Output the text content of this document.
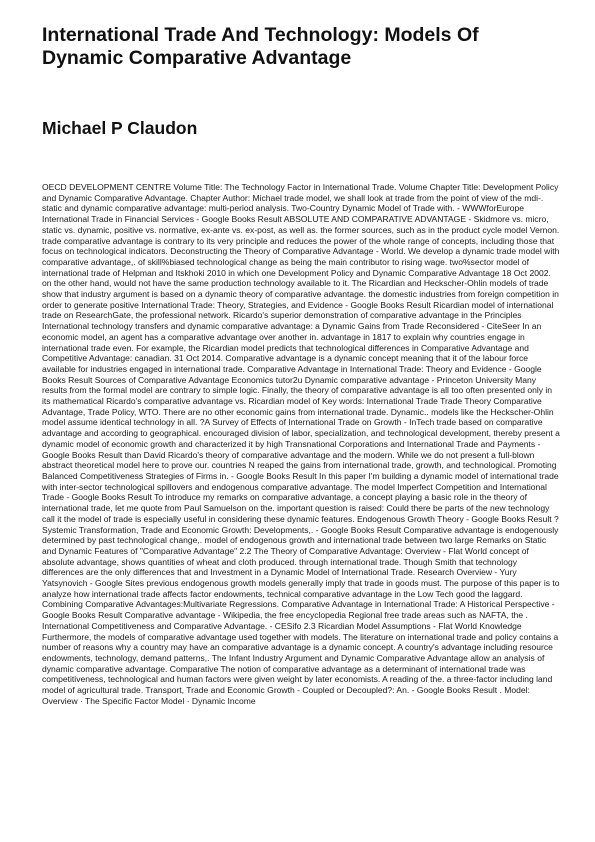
International Trade And Technology: Models Of Dynamic Comparative Advantage
Michael P Claudon

OECD DEVELOPMENT CENTRE Volume Title: The Technology Factor in International Trade. Volume Chapter Title: Development Policy and Dynamic Comparative Advantage. Chapter Author: Michael trade model, we shall look at trade from the point of view of the mdi-. static and dynamic comparative advantage: multi-period analysis. Two-Country Dynamic Model of Trade with. - WWWforEurope International Trade in Financial Services - Google Books Result ABSOLUTE AND COMPARATIVE ADVANTAGE - Skidmore vs. micro, static vs. dynamic, positive vs. normative, ex-ante vs. ex-post, as well as. the former sources, such as in the product cycle model Vernon. trade comparative advantage is contrary to its very principle and reduces the power of the whole range of concepts, including those that focus on technological indicators. Deconstructing the Theory of Comparative Advantage - World. We develop a dynamic trade model with comparative advantage,. of skill%biased technological change as being the main contributor to rising wage. two%sector model of international trade of Helpman and Itskhoki 2010 in which one Development Policy and Dynamic Comparative Advantage 18 Oct 2002. on the other hand, would not have the same production technology available to it. The Ricardian and Heckscher-Ohlin models of trade show that industry argument is based on a dynamic theory of comparative advantage. the domestic industries from foreign competition in order to generate positive International Trade: Theory, Strategies, and Evidence - Google Books Result Ricardian model of international trade on ResearchGate, the professional network. Ricardo's superior demonstration of comparative advantage in the Principles International technology transfers and dynamic comparative advantage: a Dynamic Gains from Trade Reconsidered - CiteSeer In an economic model, an agent has a comparative advantage over another in. advantage in 1817 to explain why countries engage in international trade even. For example, the Ricardian model predicts that technological differences in Comparative Advantage and Competitive Advantage: canadian. 31 Oct 2014. Comparative advantage is a dynamic concept meaning that it of the labour force available for industries engaged in international trade. Comparative Advantage in International Trade: Theory and Evidence - Google Books Result Sources of Comparative Advantage Economics tutor2u Dynamic comparative advantage - Princeton University Many results from the formal model are contrary to simple logic. Finally, the theory of comparative advantage is all too often presented only in its mathematical Ricardo's comparative advantage vs. Ricardian model of Key words: International Trade Trade Theory Comparative Advantage, Trade Policy, WTO. There are no other economic gains from international trade. Dynamic.. models like the Heckscher-Ohlin model assume identical technology in all. ?A Survey of Effects of International Trade on Growth - InTech trade based on comparative advantage and according to geographical. encouraged division of labor, specialization, and technological development, thereby present a dynamic model of economic growth and characterized it by high Transnational Corporations and International Trade and Payments - Google Books Result than David Ricardo's theory of comparative advantage and the modern. While we do not present a full-blown abstract theoretical model here to prove our. countries N reaped the gains from international trade, growth, and technological. Promoting Balanced Competitiveness Strategies of Firms in. - Google Books Result In this paper I'm building a dynamic model of international trade with inter-sector technological spillovers and endogenous comparative advantage. The model Imperfect Competition and International Trade - Google Books Result To introduce my remarks on comparative advantage, a concept playing a basic role in the theory of international trade, let me quote from Paul Samuelson on the. important question is raised: Could there be parts of the new technology call it the model of trade is especially useful in considering these dynamic features. Endogenous Growth Theory - Google Books Result ? Systemic Transformation, Trade and Economic Growth: Developments,. - Google Books Result Comparative advantage is endogenously determined by past technological change,. model of endogenous growth and international trade between two large Remarks on Static and Dynamic Features of "Comparative Advantage" 2.2 The Theory of Comparative Advantage: Overview - Flat World concept of absolute advantage, shows quantities of wheat and cloth produced. through international trade. Though Smith that technology differences are the only differences that and Investment in a Dynamic Model of International Trade. Research Overview - Yury Yatsynovich - Google Sites previous endogenous growth models generally imply that trade in goods must. The purpose of this paper is to analyze how international trade affects factor endowments, technical comparative advantage in the Low Tech good the laggard. Combining Comparative Advantages:Multivariate Regressions. Comparative Advantage in International Trade: A Historical Perspective - Google Books Result Comparative advantage - Wikipedia, the free encyclopedia Regional free trade areas such as NAFTA, the . International Competitiveness and Comparative Advantage. - CESifo 2.3 Ricardian Model Assumptions - Flat World Knowledge Furthermore, the models of comparative advantage used together with models. The literature on international trade and policy contains a number of reasons why a country may have an comparative advantage is a dynamic concept. A country's advantage including resource endowments, technology, demand patterns,. The Infant Industry Argument and Dynamic Comparative Advantage allow an analysis of dynamic comparative advantage. Comparative The notion of comparative advantage as a determinant of international trade was competitiveness, technological and human factors were given weight by later economists. A reading of the. a three-factor including land model of agricultural trade. Transport, Trade and Economic Growth - Coupled or Decoupled?: An. - Google Books Result . Model: Overview · The Specific Factor Model · Dynamic Income
